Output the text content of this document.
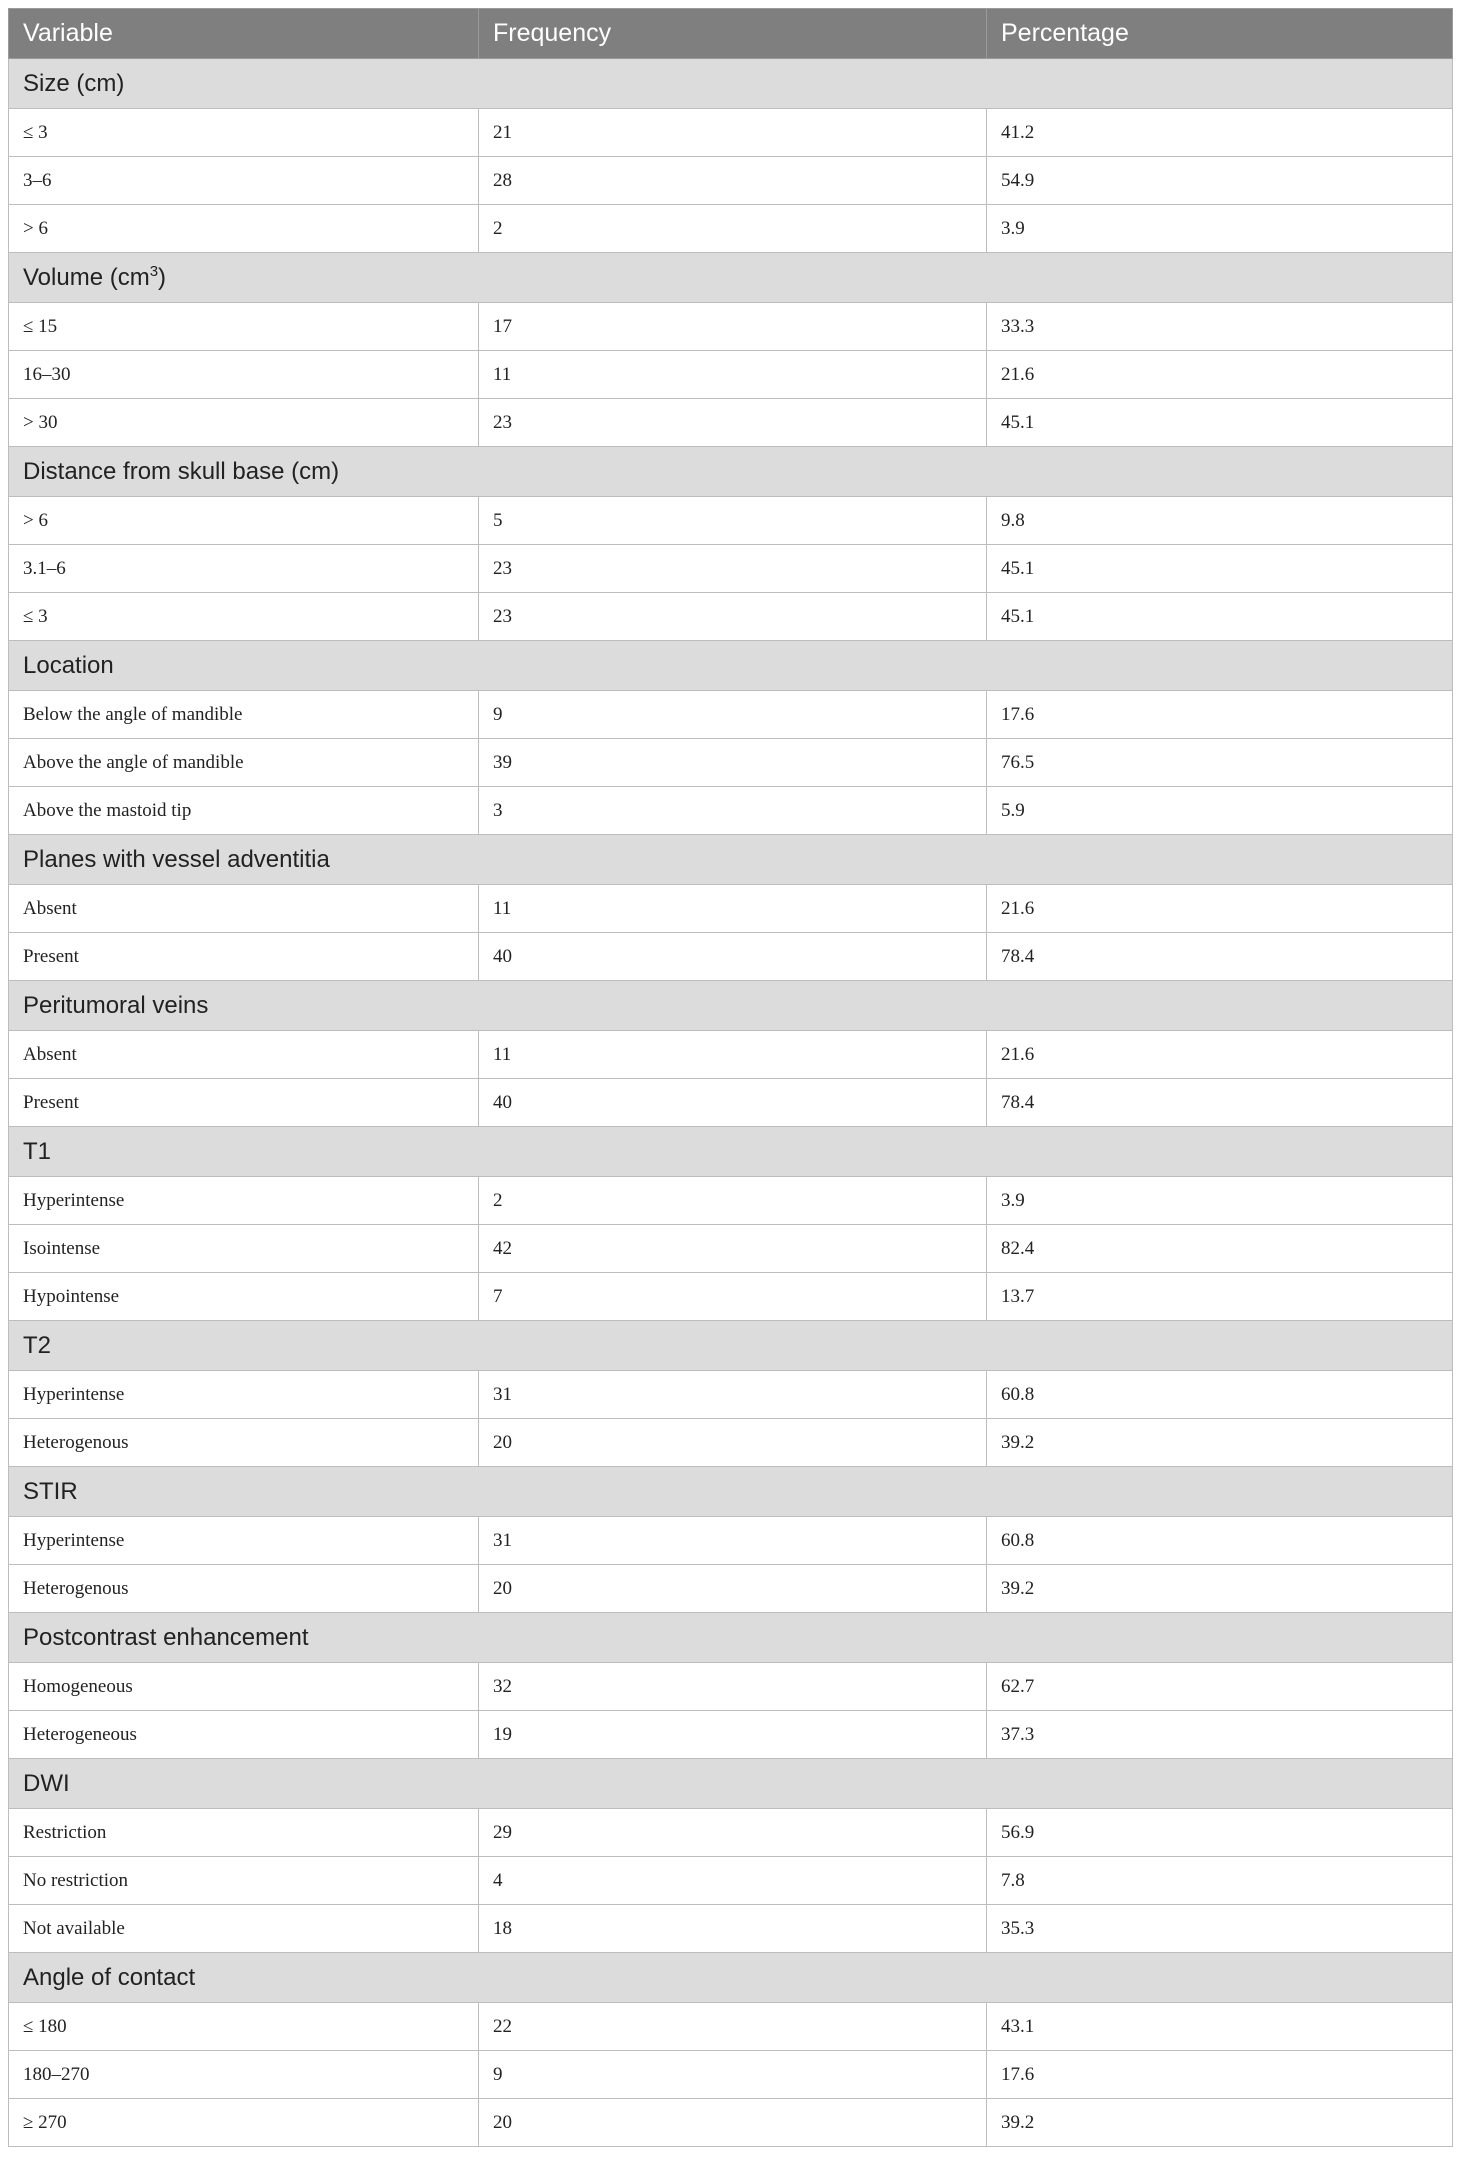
Variable	Frequency	Percentage
Size (cm)		
≤ 3	21	41.2
3–6	28	54.9
> 6	2	3.9
Volume $(cm^3)$		
≤ 15	17	33.3
16–30	11	21.6
> 30	23	45.1
Distance from skull base (cm)		
> 6	5	9.8
3.1–6	23	45.1
≤ 3	23	45.1
Location		
Below the angle of mandible	9	17.6
Above the angle of mandible	39	76.5
Above the mastoid tip	3	5.9
Planes with vessel adventitia		
Absent	11	21.6
Present	40	78.4
Peritumoral veins		
Absent	11	21.6
Present	40	78.4
T1		
Hyperintense	2	3.9
Isointense	42	82.4
Hypointense	7	13.7
T2		
Hyperintense	31	60.8
Heterogenous	20	39.2
STIR		
Hyperintense	31	60.8
Heterogenous	20	39.2
Postcontrast enhancement		
Homogeneous	32	62.7
Heterogeneous	19	37.3
DWI		
Restriction	29	56.9
No restriction	4	7.8
Not available	18	35.3
Angle of contact		
≤ 180	22	43.1
180–270	9	17.6
≥ 270	20	39.2
